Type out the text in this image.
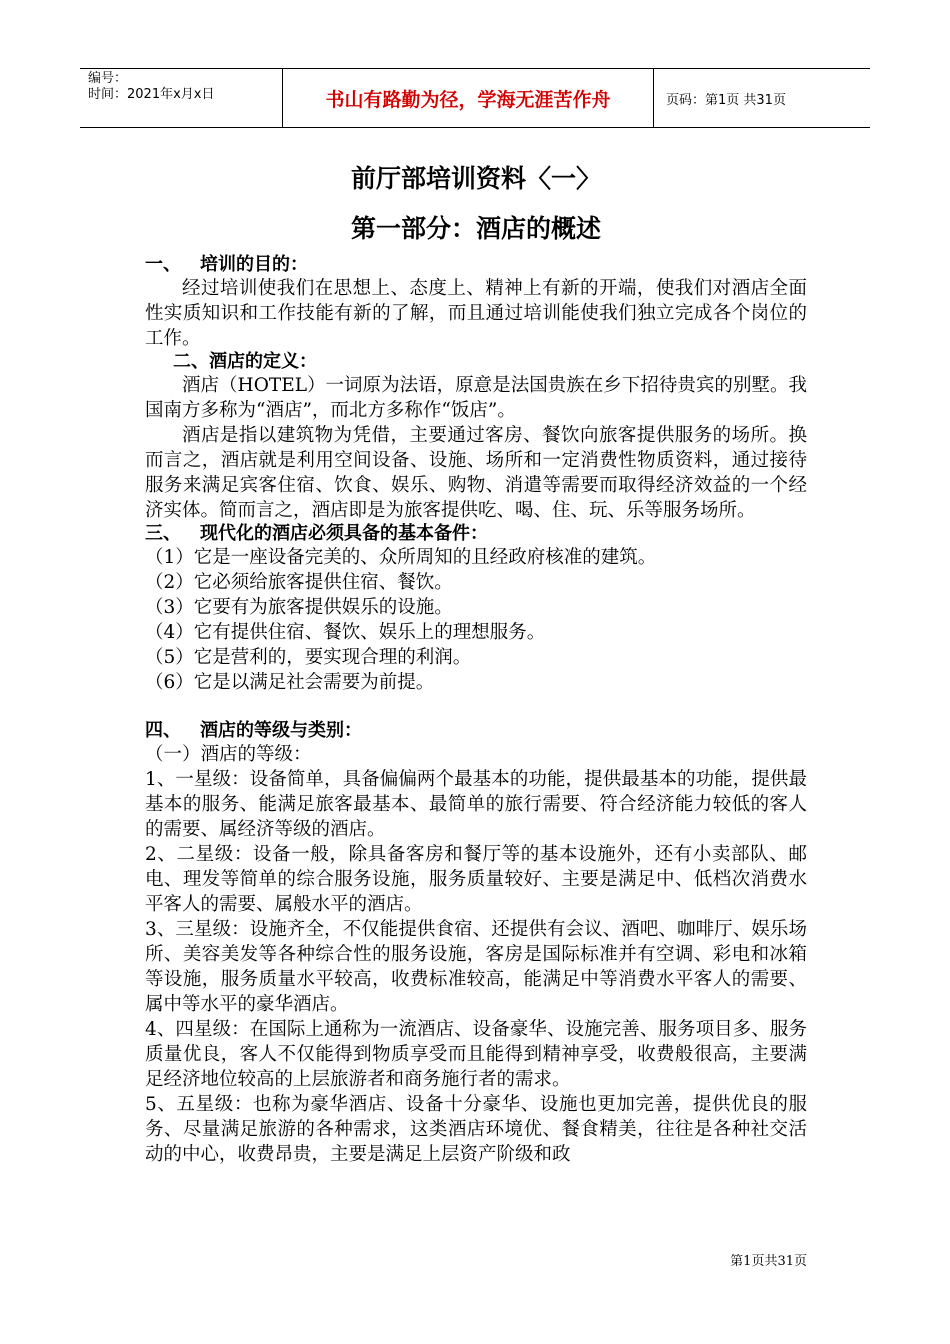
编号：
时间：2021年x月x日	书山有路勤为径，学海无涯苦作舟	页码：第1页 共31页
前厅部培训资料〈一〉
第一部分：酒店的概述
一、 培训的目的：

经过培训使我们在思想上、态度上、精神上有新的开端，使我们对酒店全面性实质知识和工作技能有新的了解，而且通过培训能使我们独立完成各个岗位的工作。

二、酒店的定义：

酒店（HOTEL）一词原为法语，原意是法国贵族在乡下招待贵宾的别墅。我国南方多称为“酒店”，而北方多称作“饭店”。

酒店是指以建筑物为凭借，主要通过客房、餐饮向旅客提供服务的场所。换而言之，酒店就是利用空间设备、设施、场所和一定消费性物质资料，通过接待服务来满足宾客住宿、饮食、娱乐、购物、消遣等需要而取得经济效益的一个经济实体。简而言之，酒店即是为旅客提供吃、喝、住、玩、乐等服务场所。

三、 现代化的酒店必须具备的基本备件：

（1）它是一座设备完美的、众所周知的且经政府核准的建筑。

（2）它必须给旅客提供住宿、餐饮。

（3）它要有为旅客提供娱乐的设施。

（4）它有提供住宿、餐饮、娱乐上的理想服务。

（5）它是营利的，要实现合理的利润。

（6）它是以满足社会需要为前提。

四、 酒店的等级与类别：

（一）酒店的等级：

1、一星级：设备简单，具备偏偏两个最基本的功能，提供最基本的功能，提供最基本的服务、能满足旅客最基本、最简单的旅行需要、符合经济能力较低的客人的需要、属经济等级的酒店。

2、二星级：设备一般，除具备客房和餐厅等的基本设施外，还有小卖部队、邮电、理发等简单的综合服务设施，服务质量较好、主要是满足中、低档次消费水平客人的需要、属般水平的酒店。

3、三星级：设施齐全，不仅能提供食宿、还提供有会议、酒吧、咖啡厅、娱乐场所、美容美发等各种综合性的服务设施，客房是国际标准并有空调、彩电和冰箱等设施，服务质量水平较高，收费标准较高，能满足中等消费水平客人的需要、属中等水平的豪华酒店。

4、四星级：在国际上通称为一流酒店、设备豪华、设施完善、服务项目多、服务质量优良，客人不仅能得到物质享受而且能得到精神享受，收费般很高，主要满足经济地位较高的上层旅游者和商务施行者的需求。

5、五星级：也称为豪华酒店、设备十分豪华、设施也更加完善，提供优良的服务、尽量满足旅游的各种需求，这类酒店环境优、餐食精美，往往是各种社交活动的中心，收费昂贵，主要是满足上层资产阶级和政

第1页共31页
